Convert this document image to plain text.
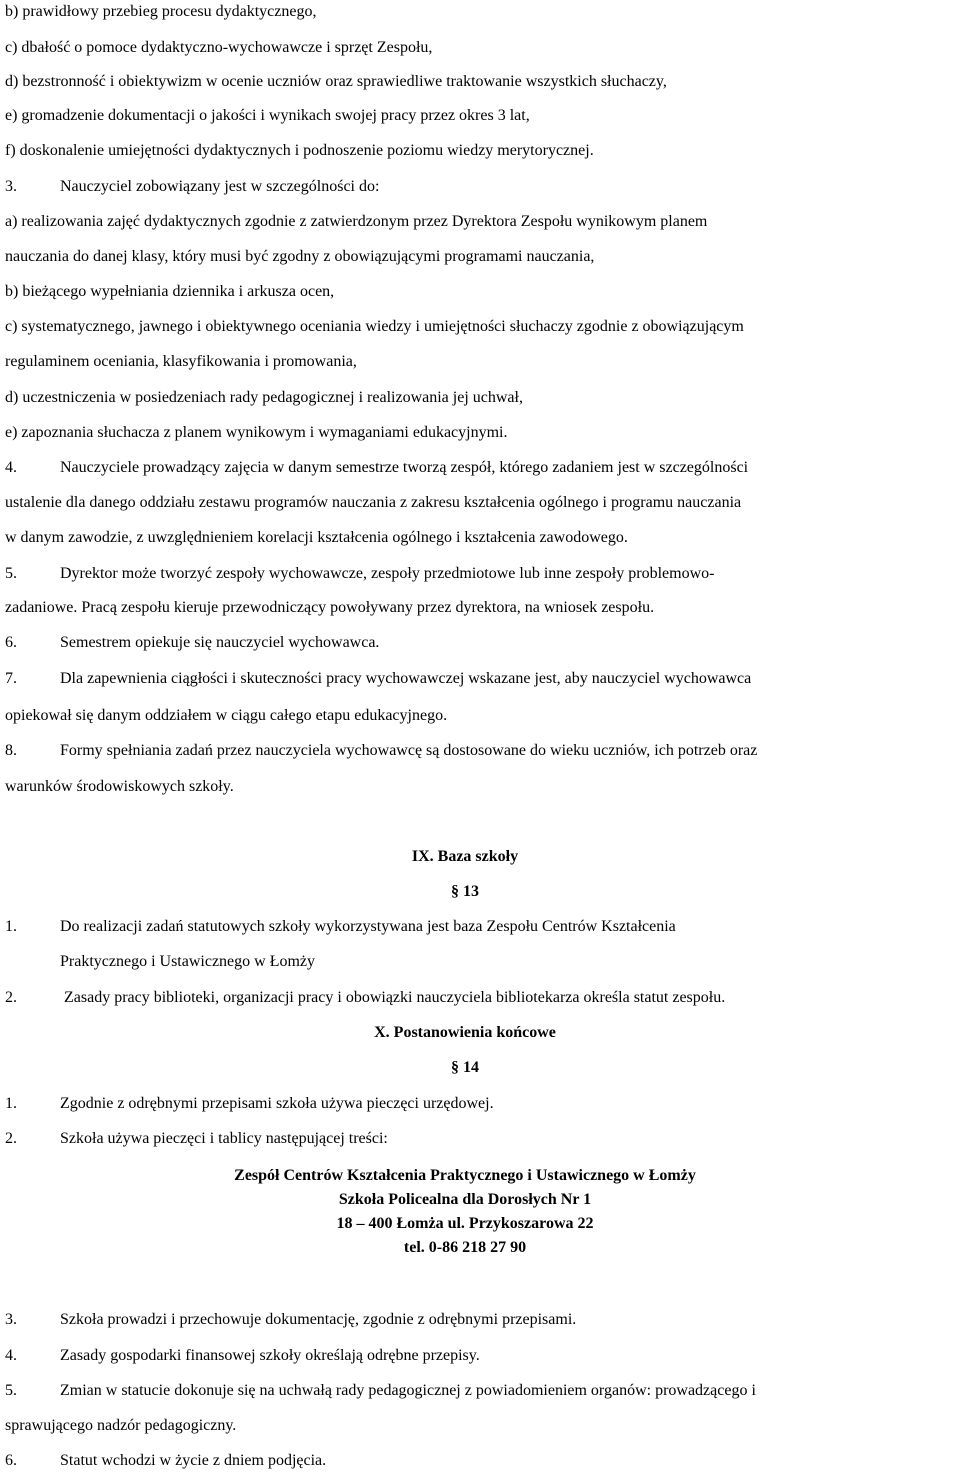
b) prawidłowy przebieg procesu dydaktycznego,
c) dbałość o pomoce dydaktyczno-wychowawcze i sprzęt Zespołu,
d) bezstronność i obiektywizm w ocenie uczniów oraz sprawiedliwe traktowanie wszystkich słuchaczy,
e) gromadzenie dokumentacji o jakości i wynikach swojej pracy przez okres 3 lat,
f) doskonalenie umiejętności dydaktycznych i podnoszenie poziomu wiedzy merytorycznej.
3.	Nauczyciel zobowiązany jest w szczególności do:
a) realizowania zajęć dydaktycznych zgodnie z zatwierdzonym przez Dyrektora Zespołu wynikowym planem
nauczania do danej klasy, który musi być zgodny z obowiązującymi programami nauczania,
b) bieżącego wypełniania dziennika i arkusza ocen,
c) systematycznego, jawnego i obiektywnego oceniania wiedzy i umiejętności słuchaczy zgodnie z obowiązującym
regulaminem oceniania, klasyfikowania i promowania,
d) uczestniczenia w posiedzeniach rady pedagogicznej i realizowania jej uchwał,
e) zapoznania słuchacza z planem wynikowym i wymaganiami edukacyjnymi.
4.	Nauczyciele prowadzący zajęcia w danym semestrze tworzą zespół, którego zadaniem jest w szczególności
ustalenie dla danego oddziału zestawu programów nauczania z zakresu kształcenia ogólnego i programu nauczania
w danym zawodzie, z uwzględnieniem korelacji kształcenia ogólnego i kształcenia zawodowego.
5.	Dyrektor może tworzyć zespoły wychowawcze, zespoły przedmiotowe lub inne zespoły problemowo-
zadaniowe. Pracą zespołu kieruje przewodniczący powoływany przez dyrektora, na wniosek zespołu.
6.	Semestrem opiekuje się nauczyciel wychowawca.
7.	Dla zapewnienia ciągłości i skuteczności pracy wychowawczej wskazane jest, aby nauczyciel wychowawca
opiekował się danym oddziałem w ciągu całego etapu edukacyjnego.
8.	Formy spełniania zadań przez nauczyciela wychowawcę są dostosowane do wieku uczniów, ich potrzeb oraz
warunków środowiskowych szkoły.
IX. Baza szkoły
§ 13
1.	Do realizacji zadań statutowych szkoły wykorzystywana jest baza Zespołu Centrów Kształcenia
Praktycznego i Ustawicznego w Łomży
2.	Zasady pracy biblioteki, organizacji pracy i obowiązki nauczyciela bibliotekarza określa statut zespołu.
X. Postanowienia końcowe
§ 14
1.	Zgodnie z odrębnymi przepisami szkoła używa pieczęci urzędowej.
2.	Szkoła używa pieczęci i tablicy następującej treści:
Zespół Centrów Kształcenia Praktycznego i Ustawicznego w Łomży
Szkoła Policealna dla Dorosłych Nr 1
18 – 400 Łomża ul. Przykoszarowa 22
tel. 0-86 218 27 90
3.	Szkoła prowadzi i przechowuje dokumentację, zgodnie z odrębnymi przepisami.
4.	Zasady gospodarki finansowej szkoły określają odrębne przepisy.
5.	Zmian w statucie dokonuje się na uchwałą rady pedagogicznej z powiadomieniem organów: prowadzącego i
sprawującego nadzór pedagogiczny.
6.	Statut wchodzi w życie z dniem podjęcia.
